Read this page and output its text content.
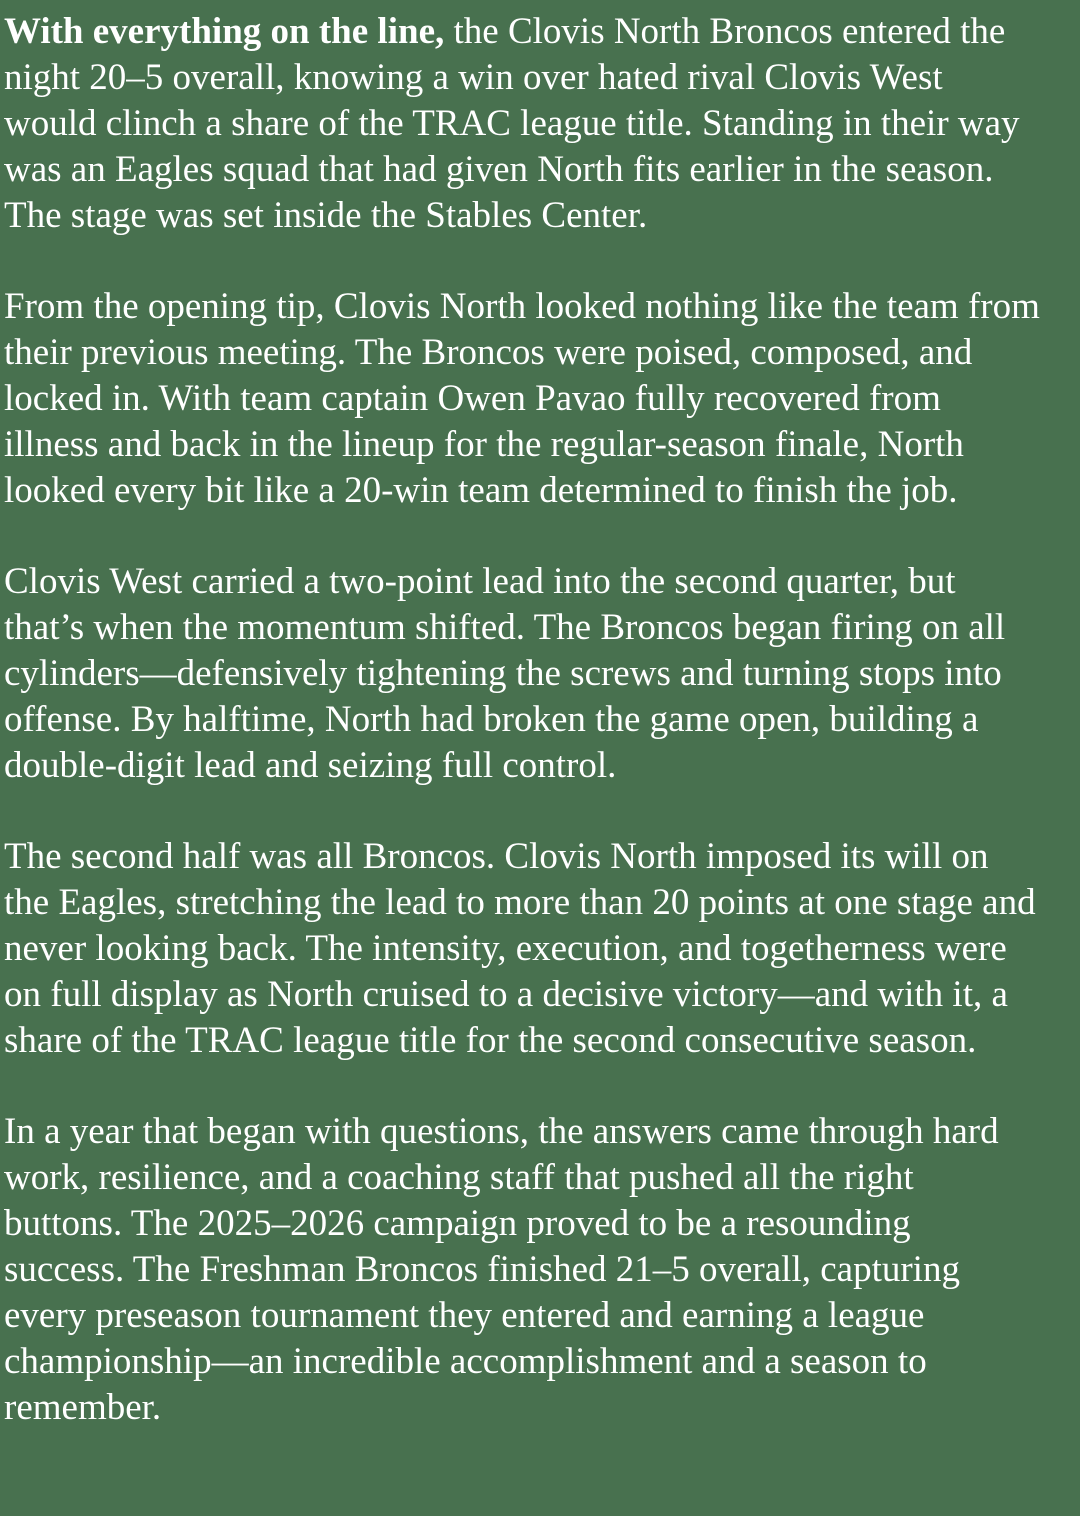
With everything on the line, the Clovis North Broncos entered the night 20–5 overall, knowing a win over hated rival Clovis West would clinch a share of the TRAC league title. Standing in their way was an Eagles squad that had given North fits earlier in the season. The stage was set inside the Stables Center.

From the opening tip, Clovis North looked nothing like the team from their previous meeting. The Broncos were poised, composed, and locked in. With team captain Owen Pavao fully recovered from illness and back in the lineup for the regular-season finale, North looked every bit like a 20-win team determined to finish the job.

Clovis West carried a two-point lead into the second quarter, but that’s when the momentum shifted. The Broncos began firing on all cylinders—defensively tightening the screws and turning stops into offense. By halftime, North had broken the game open, building a double-digit lead and seizing full control.

The second half was all Broncos. Clovis North imposed its will on the Eagles, stretching the lead to more than 20 points at one stage and never looking back. The intensity, execution, and togetherness were on full display as North cruised to a decisive victory—and with it, a share of the TRAC league title for the second consecutive season.

In a year that began with questions, the answers came through hard work, resilience, and a coaching staff that pushed all the right buttons. The 2025–2026 campaign proved to be a resounding success. The Freshman Broncos finished 21–5 overall, capturing every preseason tournament they entered and earning a league championship—an incredible accomplishment and a season to remember.
